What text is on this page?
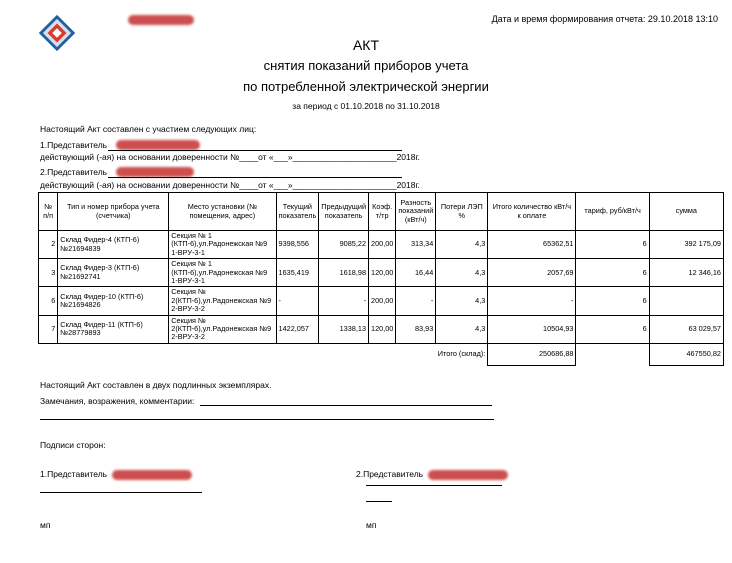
Дата и время формирования отчета: 29.10.2018 13:10
АКТ
снятия показаний приборов учета
по потребленной электрической энергии
за период с 01.10.2018 по 31.10.2018
Настоящий Акт составлен с участием следующих лиц:
1.Представитель
действующий (-ая) на основании доверенности №____от «___»______________________2018г.
2.Представитель
действующий (-ая) на основании доверенности №____от «___»______________________2018г.
№ п/п	Тип и номер прибора учета (счетчика)	Место установки (№ помещения, адрес)	Текущий показатель	Предыдущий показатель	Коэф. т/тр	Разность показаний (кВт/ч)	Потери ЛЭП %	Итого количество кВт/ч к оплате	тариф, руб/кВт/ч	сумма
2	Склад Фидер-4 (КТП-6) №21694839	Секция № 1 (КТП-6),ул.Радонежская №9 1-ВРУ-3-1	9398,556	9085,22	200,00	313,34	4,3	65362,51	6	392 175,09
3	Склад Фидер-3 (КТП-6) №21692741	Секция № 1 (КТП-6),ул.Радонежская №9 1-ВРУ-3-1	1635,419	1618,98	120,00	16,44	4,3	2057,69	6	12 346,16
6	Склад Фидер-10 (КТП-6) №21694826	Секция № 2(КТП-6),ул.Радонежская №9 2-ВРУ-3-2	-	-	200,00	-	4,3	-	6	
7	Склад Фидер-11 (КТП-6) №28779893	Секция № 2(КТП-6),ул.Радонежская №9 2-ВРУ-3-2	1422,057	1338,13	120,00	83,93	4,3	10504,93	6	63 029,57
							Итого (склад):	250686,88		467550,82
Настоящий Акт составлен в двух подлинных экземплярах.
Замечания, возражения, комментарии:
Подписи сторон:
1.Представитель	2.Представитель
мп	мп
